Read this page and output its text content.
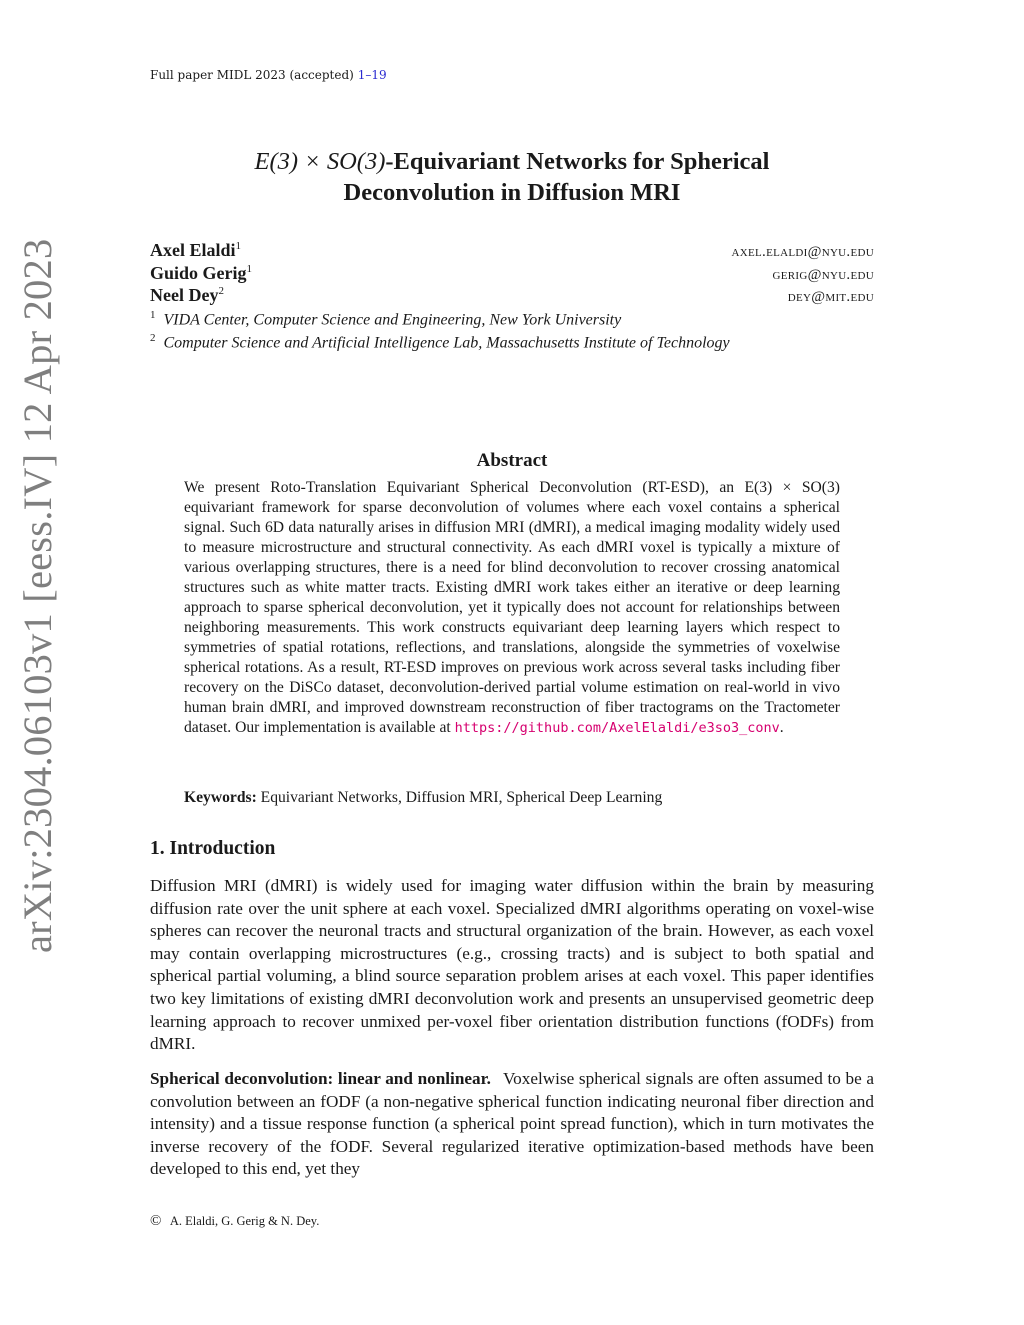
Full paper MIDL 2023 (accepted) 1–19
E(3) × SO(3)-Equivariant Networks for Spherical
Deconvolution in Diffusion MRI
Axel Elaldi$^1$	axel.elaldi@nyu.edu
Guido Gerig$^1$	gerig@nyu.edu
Neel Dey$^2$	dey@mit.edu
$^1$ VIDA Center, Computer Science and Engineering, New York University
$^2$ Computer Science and Artificial Intelligence Lab, Massachusetts Institute of Technology
Abstract
We present Roto-Translation Equivariant Spherical Deconvolution (RT-ESD), an E(3) × SO(3) equivariant framework for sparse deconvolution of volumes where each voxel contains a spherical signal. Such 6D data naturally arises in diffusion MRI (dMRI), a medical imaging modality widely used to measure microstructure and structural connectivity. As each dMRI voxel is typically a mixture of various overlapping structures, there is a need for blind deconvolution to recover crossing anatomical structures such as white matter tracts. Existing dMRI work takes either an iterative or deep learning approach to sparse spherical deconvolution, yet it typically does not account for relationships between neighboring measurements. This work constructs equivariant deep learning layers which respect to symmetries of spatial rotations, reflections, and translations, alongside the symmetries of voxelwise spherical rotations. As a result, RT-ESD improves on previous work across several tasks including fiber recovery on the DiSCo dataset, deconvolution-derived partial volume estimation on real-world in vivo human brain dMRI, and improved downstream reconstruction of fiber tractograms on the Tractometer dataset. Our implementation is available at https://github.com/AxelElaldi/e3so3_conv.
Keywords: Equivariant Networks, Diffusion MRI, Spherical Deep Learning
1. Introduction
Diffusion MRI (dMRI) is widely used for imaging water diffusion within the brain by measuring diffusion rate over the unit sphere at each voxel. Specialized dMRI algorithms operating on voxel-wise spheres can recover the neuronal tracts and structural organization of the brain. However, as each voxel may contain overlapping microstructures (e.g., crossing tracts) and is subject to both spatial and spherical partial voluming, a blind source separation problem arises at each voxel. This paper identifies two key limitations of existing dMRI deconvolution work and presents an unsupervised geometric deep learning approach to recover unmixed per-voxel fiber orientation distribution functions (fODFs) from dMRI.
Spherical deconvolution: linear and nonlinear. Voxelwise spherical signals are often assumed to be a convolution between an fODF (a non-negative spherical function indicating neuronal fiber direction and intensity) and a tissue response function (a spherical point spread function), which in turn motivates the inverse recovery of the fODF. Several regularized iterative optimization-based methods have been developed to this end, yet they
© A. Elaldi, G. Gerig & N. Dey.
arXiv:2304.06103v1 [eess.IV] 12 Apr 2023
